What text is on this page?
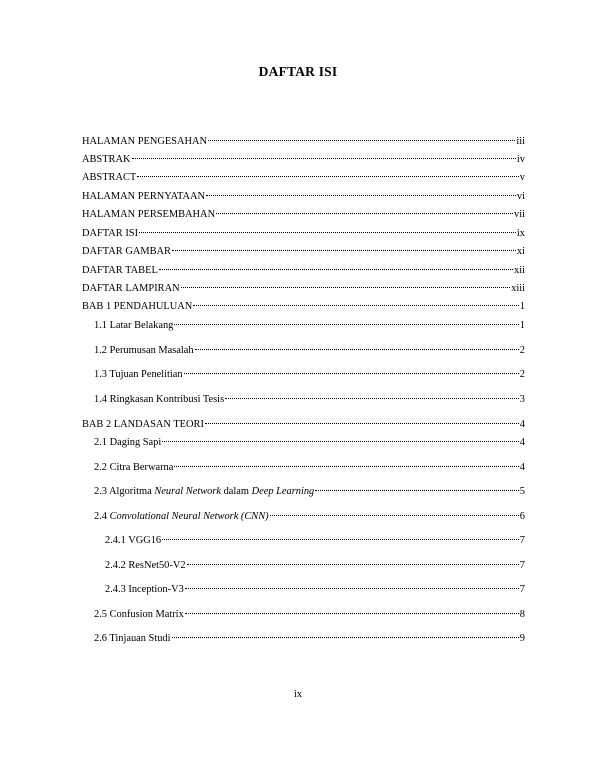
DAFTAR ISI
HALAMAN PENGESAHAN	iii
ABSTRAK	iv
ABSTRACT	v
HALAMAN PERNYATAAN	vi
HALAMAN PERSEMBAHAN	vii
DAFTAR ISI	ix
DAFTAR GAMBAR	xi
DAFTAR TABEL	xii
DAFTAR LAMPIRAN	xiii
BAB 1 PENDAHULUAN	1
1.1 Latar Belakang	1
1.2 Perumusan Masalah	2
1.3 Tujuan Penelitian	2
1.4 Ringkasan Kontribusi Tesis	3
BAB 2 LANDASAN TEORI	4
2.1 Daging Sapi	4
2.2 Citra Berwarna	4
2.3 Algoritma Neural Network dalam Deep Learning	5
2.4 Convolutional Neural Network (CNN)	6
2.4.1 VGG16	7
2.4.2 ResNet50-V2	7
2.4.3 Inception-V3	7
2.5 Confusion Matrix	8
2.6 Tinjauan Studi	9
ix
